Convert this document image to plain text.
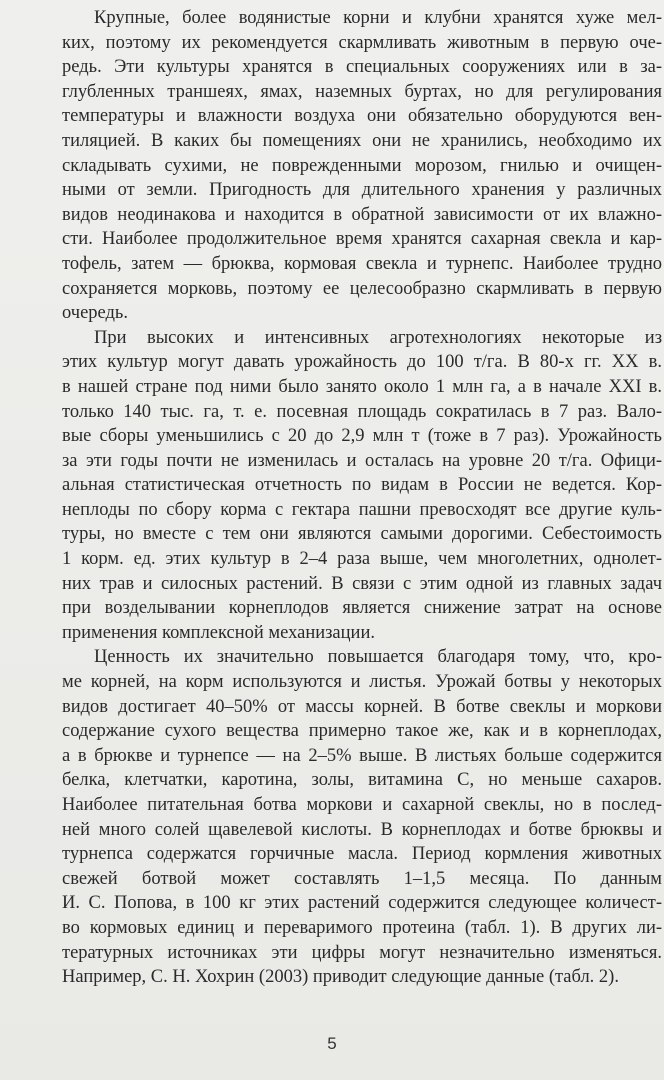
Крупные, более водянистые корни и клубни хранятся хуже мел-
ких, поэтому их рекомендуется скармливать животным в первую оче-
редь. Эти культуры хранятся в специальных сооружениях или в за-
глубленных траншеях, ямах, наземных буртах, но для регулирования
температуры и влажности воздуха они обязательно оборудуются вен-
тиляцией. В каких бы помещениях они не хранились, необходимо их
складывать сухими, не поврежденными морозом, гнилью и очищен-
ными от земли. Пригодность для длительного хранения у различных
видов неодинакова и находится в обратной зависимости от их влажно-
сти. Наиболее продолжительное время хранятся сахарная свекла и кар-
тофель, затем — брюква, кормовая свекла и турнепс. Наиболее трудно
сохраняется морковь, поэтому ее целесообразно скармливать в первую
очередь.
При высоких и интенсивных агротехнологиях некоторые из
этих культур могут давать урожайность до 100 т/га. В 80-х гг. XX в.
в нашей стране под ними было занято около 1 млн га, а в начале XXI в.
только 140 тыс. га, т. е. посевная площадь сократилась в 7 раз. Вало-
вые сборы уменьшились с 20 до 2,9 млн т (тоже в 7 раз). Урожайность
за эти годы почти не изменилась и осталась на уровне 20 т/га. Офици-
альная статистическая отчетность по видам в России не ведется. Кор-
неплоды по сбору корма с гектара пашни превосходят все другие куль-
туры, но вместе с тем они являются самыми дорогими. Себестоимость
1 корм. ед. этих культур в 2–4 раза выше, чем многолетних, однолет-
них трав и силосных растений. В связи с этим одной из главных задач
при возделывании корнеплодов является снижение затрат на основе
применения комплексной механизации.
Ценность их значительно повышается благодаря тому, что, кро-
ме корней, на корм используются и листья. Урожай ботвы у некоторых
видов достигает 40–50% от массы корней. В ботве свеклы и моркови
содержание сухого вещества примерно такое же, как и в корнеплодах,
а в брюкве и турнепсе — на 2–5% выше. В листьях больше содержится
белка, клетчатки, каротина, золы, витамина С, но меньше сахаров.
Наиболее питательная ботва моркови и сахарной свеклы, но в послед-
ней много солей щавелевой кислоты. В корнеплодах и ботве брюквы и
турнепса содержатся горчичные масла. Период кормления животных
свежей ботвой может составлять 1–1,5 месяца. По данным
И. С. Попова, в 100 кг этих растений содержится следующее количест-
во кормовых единиц и переваримого протеина (табл. 1). В других ли-
тературных источниках эти цифры могут незначительно изменяться.
Например, С. Н. Хохрин (2003) приводит следующие данные (табл. 2).
5
